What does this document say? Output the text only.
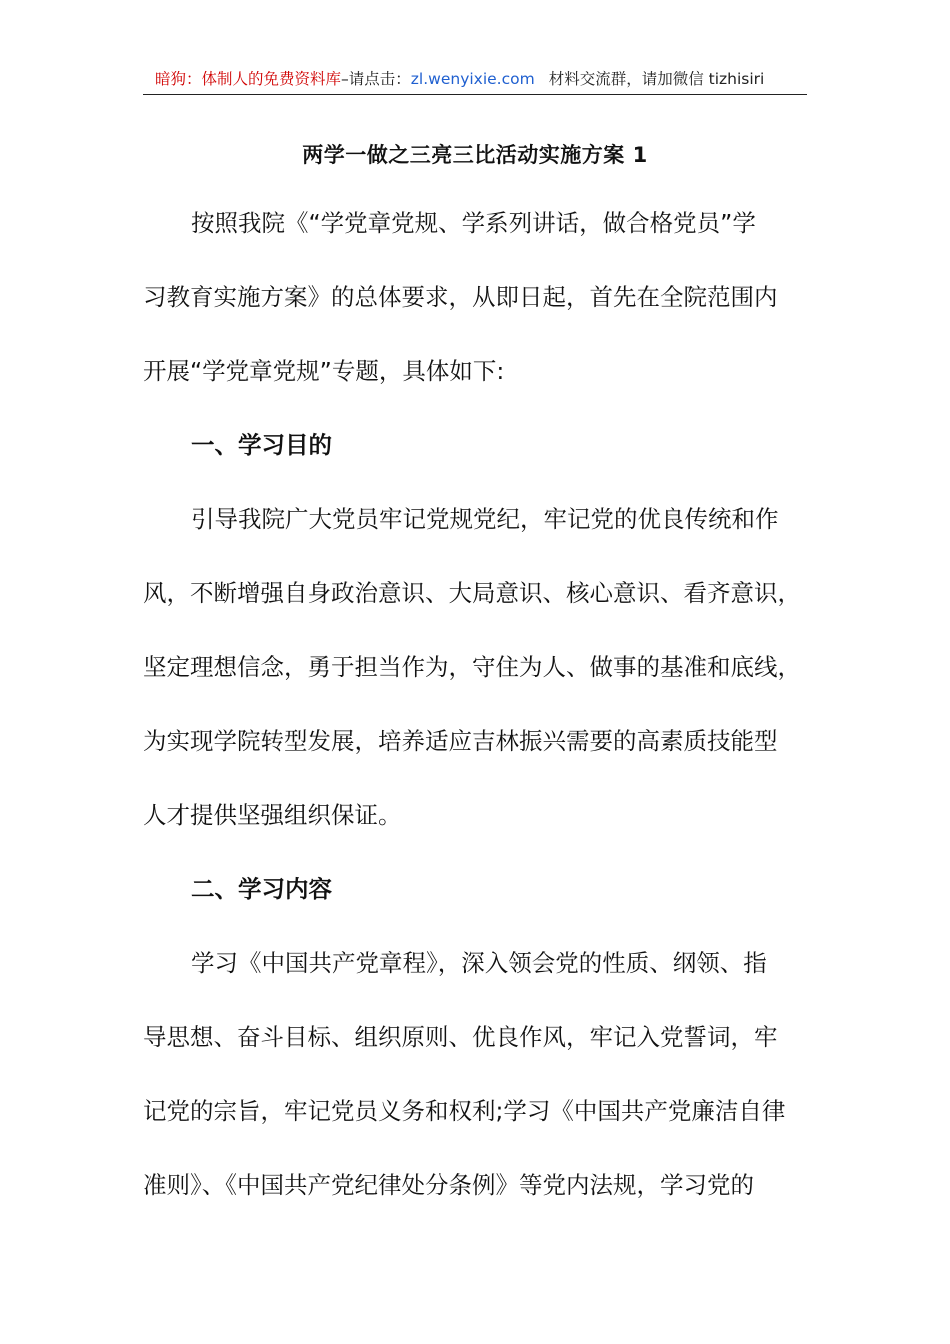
暗狗：体制人的免费资料库–请点击：zl.wenyixie.com 材料交流群，请加微信 tizhisiri
两学一做之三亮三比活动实施方案 1
按照我院《“学党章党规、学系列讲话，做合格党员”学
习教育实施方案》的总体要求，从即日起，首先在全院范围内
开展“学党章党规”专题，具体如下:
一、学习目的
引导我院广大党员牢记党规党纪，牢记党的优良传统和作
风，不断增强自身政治意识、大局意识、核心意识、看齐意识，
坚定理想信念，勇于担当作为，守住为人、做事的基准和底线，
为实现学院转型发展，培养适应吉林振兴需要的高素质技能型
人才提供坚强组织保证。
二、学习内容
学习《中国共产党章程》，深入领会党的性质、纲领、指
导思想、奋斗目标、组织原则、优良作风，牢记入党誓词，牢
记党的宗旨，牢记党员义务和权利;学习《中国共产党廉洁自律
准则》、《中国共产党纪律处分条例》等党内法规，学习党的
